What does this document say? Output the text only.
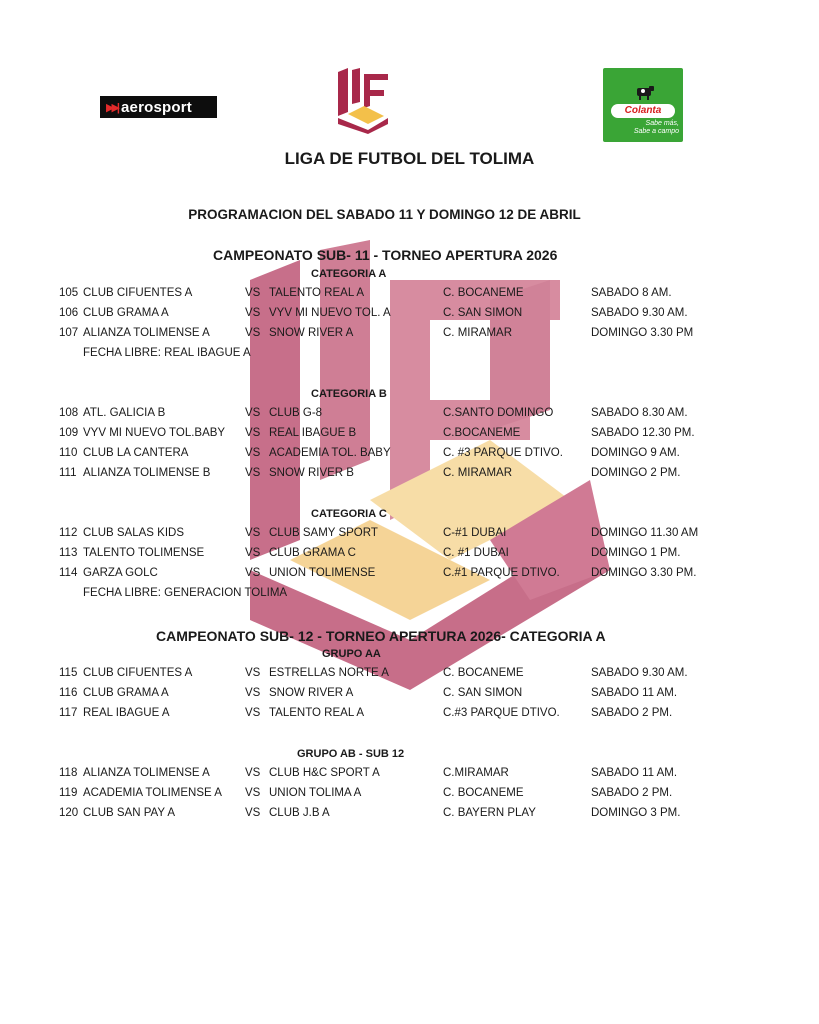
▶▶| aerosport
LFT
Colanta
Sabe más,
Sabe a campo
LIGA DE FUTBOL DEL TOLIMA
PROGRAMACION DEL SABADO 11 Y DOMINGO 12 DE ABRIL
CAMPEONATO SUB- 11 - TORNEO APERTURA 2026
CATEGORIA A
105 CLUB CIFUENTES A	VS TALENTO REAL A	C. BOCANEME	SABADO 8 AM.
106 CLUB GRAMA A	VS VYV MI NUEVO TOL. A	C. SAN SIMON	SABADO 9.30 AM.
107 ALIANZA TOLIMENSE A	VS SNOW RIVER A	C. MIRAMAR	DOMINGO 3.30 PM
FECHA LIBRE: REAL IBAGUE A
CATEGORIA B
108 ATL. GALICIA B	VS CLUB G-8	C.SANTO DOMINGO	SABADO 8.30 AM.
109 VYV MI NUEVO TOL.BABY VS REAL IBAGUE B	C.BOCANEME	SABADO 12.30 PM.
110 CLUB LA CANTERA	VS ACADEMIA TOL. BABY	C. #3 PARQUE DTIVO. DOMINGO 9 AM.
111 ALIANZA TOLIMENSE B	VS SNOW RIVER B	C. MIRAMAR	DOMINGO 2 PM.
CATEGORIA C
112 CLUB SALAS KIDS	VS CLUB SAMY SPORT	C-#1 DUBAI	DOMINGO 11.30 AM
113 TALENTO TOLIMENSE	VS CLUB GRAMA C	C. #1 DUBAI	DOMINGO 1 PM.
114 GARZA GOLC	VS UNION TOLIMENSE	C.#1 PARQUE DTIVO.	DOMINGO 3.30 PM.
FECHA LIBRE: GENERACION TOLIMA
CAMPEONATO SUB- 12 - TORNEO APERTURA 2026- CATEGORIA A
GRUPO AA
115 CLUB CIFUENTES A	VS ESTRELLAS NORTE A	C. BOCANEME	SABADO 9.30 AM.
116 CLUB GRAMA A	VS SNOW RIVER A	C. SAN SIMON	SABADO 11 AM.
117 REAL IBAGUE A	VS TALENTO REAL A	C.#3 PARQUE DTIVO.	SABADO 2 PM.
GRUPO AB - SUB 12
118 ALIANZA TOLIMENSE A	VS CLUB H&C SPORT A	C.MIRAMAR	SABADO 11 AM.
119 ACADEMIA TOLIMENSE A VS UNION TOLIMA A	C. BOCANEME	SABADO 2 PM.
120 CLUB SAN PAY A	VS CLUB J.B A	C. BAYERN PLAY	DOMINGO 3 PM.
